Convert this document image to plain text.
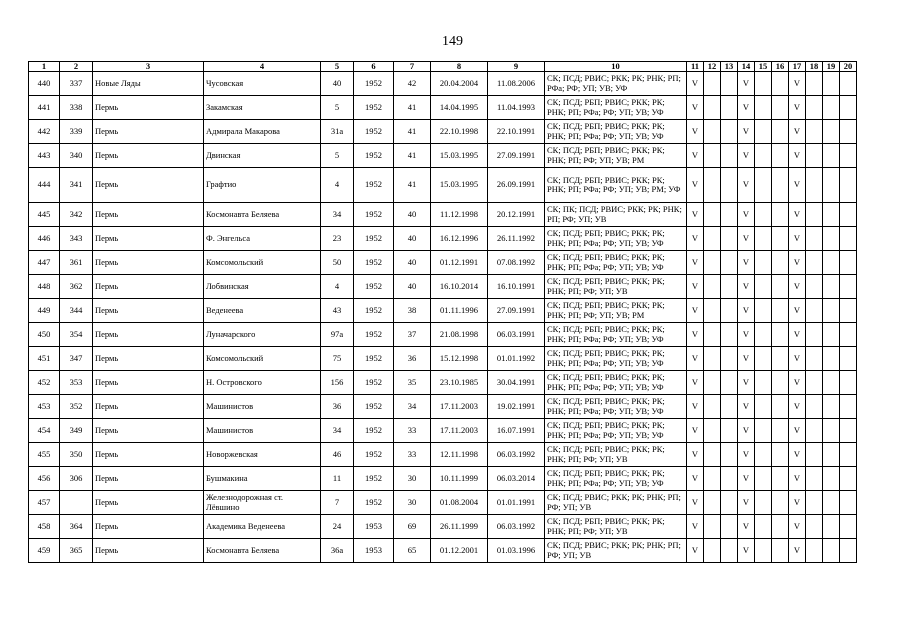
149
1	2	3	4	5	6	7	8	9	10	11	12	13	14	15	16	17	18	19	20
440	337	Новые Ляды	Чусовская	40	1952	42	20.04.2004	11.08.2006	СК; ПСД; РВИС; РКК; РК; РНК; РП; РФа; РФ; УП; УВ; УФ	V			V			V			
441	338	Пермь	Закамская	5	1952	41	14.04.1995	11.04.1993	СК; ПСД; РБП; РВИС; РКК; РК; РНК; РП; РФа; РФ; УП; УВ; УФ	V			V			V			
442	339	Пермь	Адмирала Макарова	31а	1952	41	22.10.1998	22.10.1991	СК; ПСД; РБП; РВИС; РКК; РК; РНК; РП; РФа; РФ; УП; УВ; УФ	V			V			V			
443	340	Пермь	Двинская	5	1952	41	15.03.1995	27.09.1991	СК; ПСД; РБП; РВИС; РКК; РК; РНК; РП; РФ; УП; УВ; РМ	V			V			V			
444	341	Пермь	Графтио	4	1952	41	15.03.1995	26.09.1991	СК; ПСД; РБП; РВИС; РКК; РК; РНК; РП; РФа; РФ; УП; УВ; РМ; УФ	V			V			V			
445	342	Пермь	Космонавта Беляева	34	1952	40	11.12.1998	20.12.1991	СК; ПК; ПСД; РВИС; РКК; РК; РНК; РП; РФ; УП; УВ	V			V			V			
446	343	Пермь	Ф. Энгельса	23	1952	40	16.12.1996	26.11.1992	СК; ПСД; РБП; РВИС; РКК; РК; РНК; РП; РФа; РФ; УП; УВ; УФ	V			V			V			
447	361	Пермь	Комсомольский	50	1952	40	01.12.1991	07.08.1992	СК; ПСД; РБП; РВИС; РКК; РК; РНК; РП; РФа; РФ; УП; УВ; УФ	V			V			V			
448	362	Пермь	Лобвинская	4	1952	40	16.10.2014	16.10.1991	СК; ПСД; РБП; РВИС; РКК; РК; РНК; РП; РФ; УП; УВ	V			V			V			
449	344	Пермь	Веденеева	43	1952	38	01.11.1996	27.09.1991	СК; ПСД; РБП; РВИС; РКК; РК; РНК; РП; РФ; УП; УВ; РМ	V			V			V			
450	354	Пермь	Луначарского	97а	1952	37	21.08.1998	06.03.1991	СК; ПСД; РБП; РВИС; РКК; РК; РНК; РП; РФа; РФ; УП; УВ; УФ	V			V			V			
451	347	Пермь	Комсомольский	75	1952	36	15.12.1998	01.01.1992	СК; ПСД; РБП; РВИС; РКК; РК; РНК; РП; РФа; РФ; УП; УВ; УФ	V			V			V			
452	353	Пермь	Н. Островского	156	1952	35	23.10.1985	30.04.1991	СК; ПСД; РБП; РВИС; РКК; РК; РНК; РП; РФа; РФ; УП; УВ; УФ	V			V			V			
453	352	Пермь	Машинистов	36	1952	34	17.11.2003	19.02.1991	СК; ПСД; РБП; РВИС; РКК; РК; РНК; РП; РФа; РФ; УП; УВ; УФ	V			V			V			
454	349	Пермь	Машинистов	34	1952	33	17.11.2003	16.07.1991	СК; ПСД; РБП; РВИС; РКК; РК; РНК; РП; РФа; РФ; УП; УВ; УФ	V			V			V			
455	350	Пермь	Новоржевская	46	1952	33	12.11.1998	06.03.1992	СК; ПСД; РБП; РВИС; РКК; РК; РНК; РП; РФ; УП; УВ	V			V			V			
456	306	Пермь	Бушмакина	11	1952	30	10.11.1999	06.03.2014	СК; ПСД; РБП; РВИС; РКК; РК; РНК; РП; РФа; РФ; УП; УВ; УФ	V			V			V			
457		Пермь	Железнодорожная ст. Лёвшино	7	1952	30	01.08.2004	01.01.1991	СК; ПСД; РВИС; РКК; РК; РНК; РП; РФ; УП; УВ	V			V			V			
458	364	Пермь	Академика Веденеева	24	1953	69	26.11.1999	06.03.1992	СК; ПСД; РБП; РВИС; РКК; РК; РНК; РП; РФ; УП; УВ	V			V			V			
459	365	Пермь	Космонавта Беляева	36а	1953	65	01.12.2001	01.03.1996	СК; ПСД; РВИС; РКК; РК; РНК; РП; РФ; УП; УВ	V			V			V			
